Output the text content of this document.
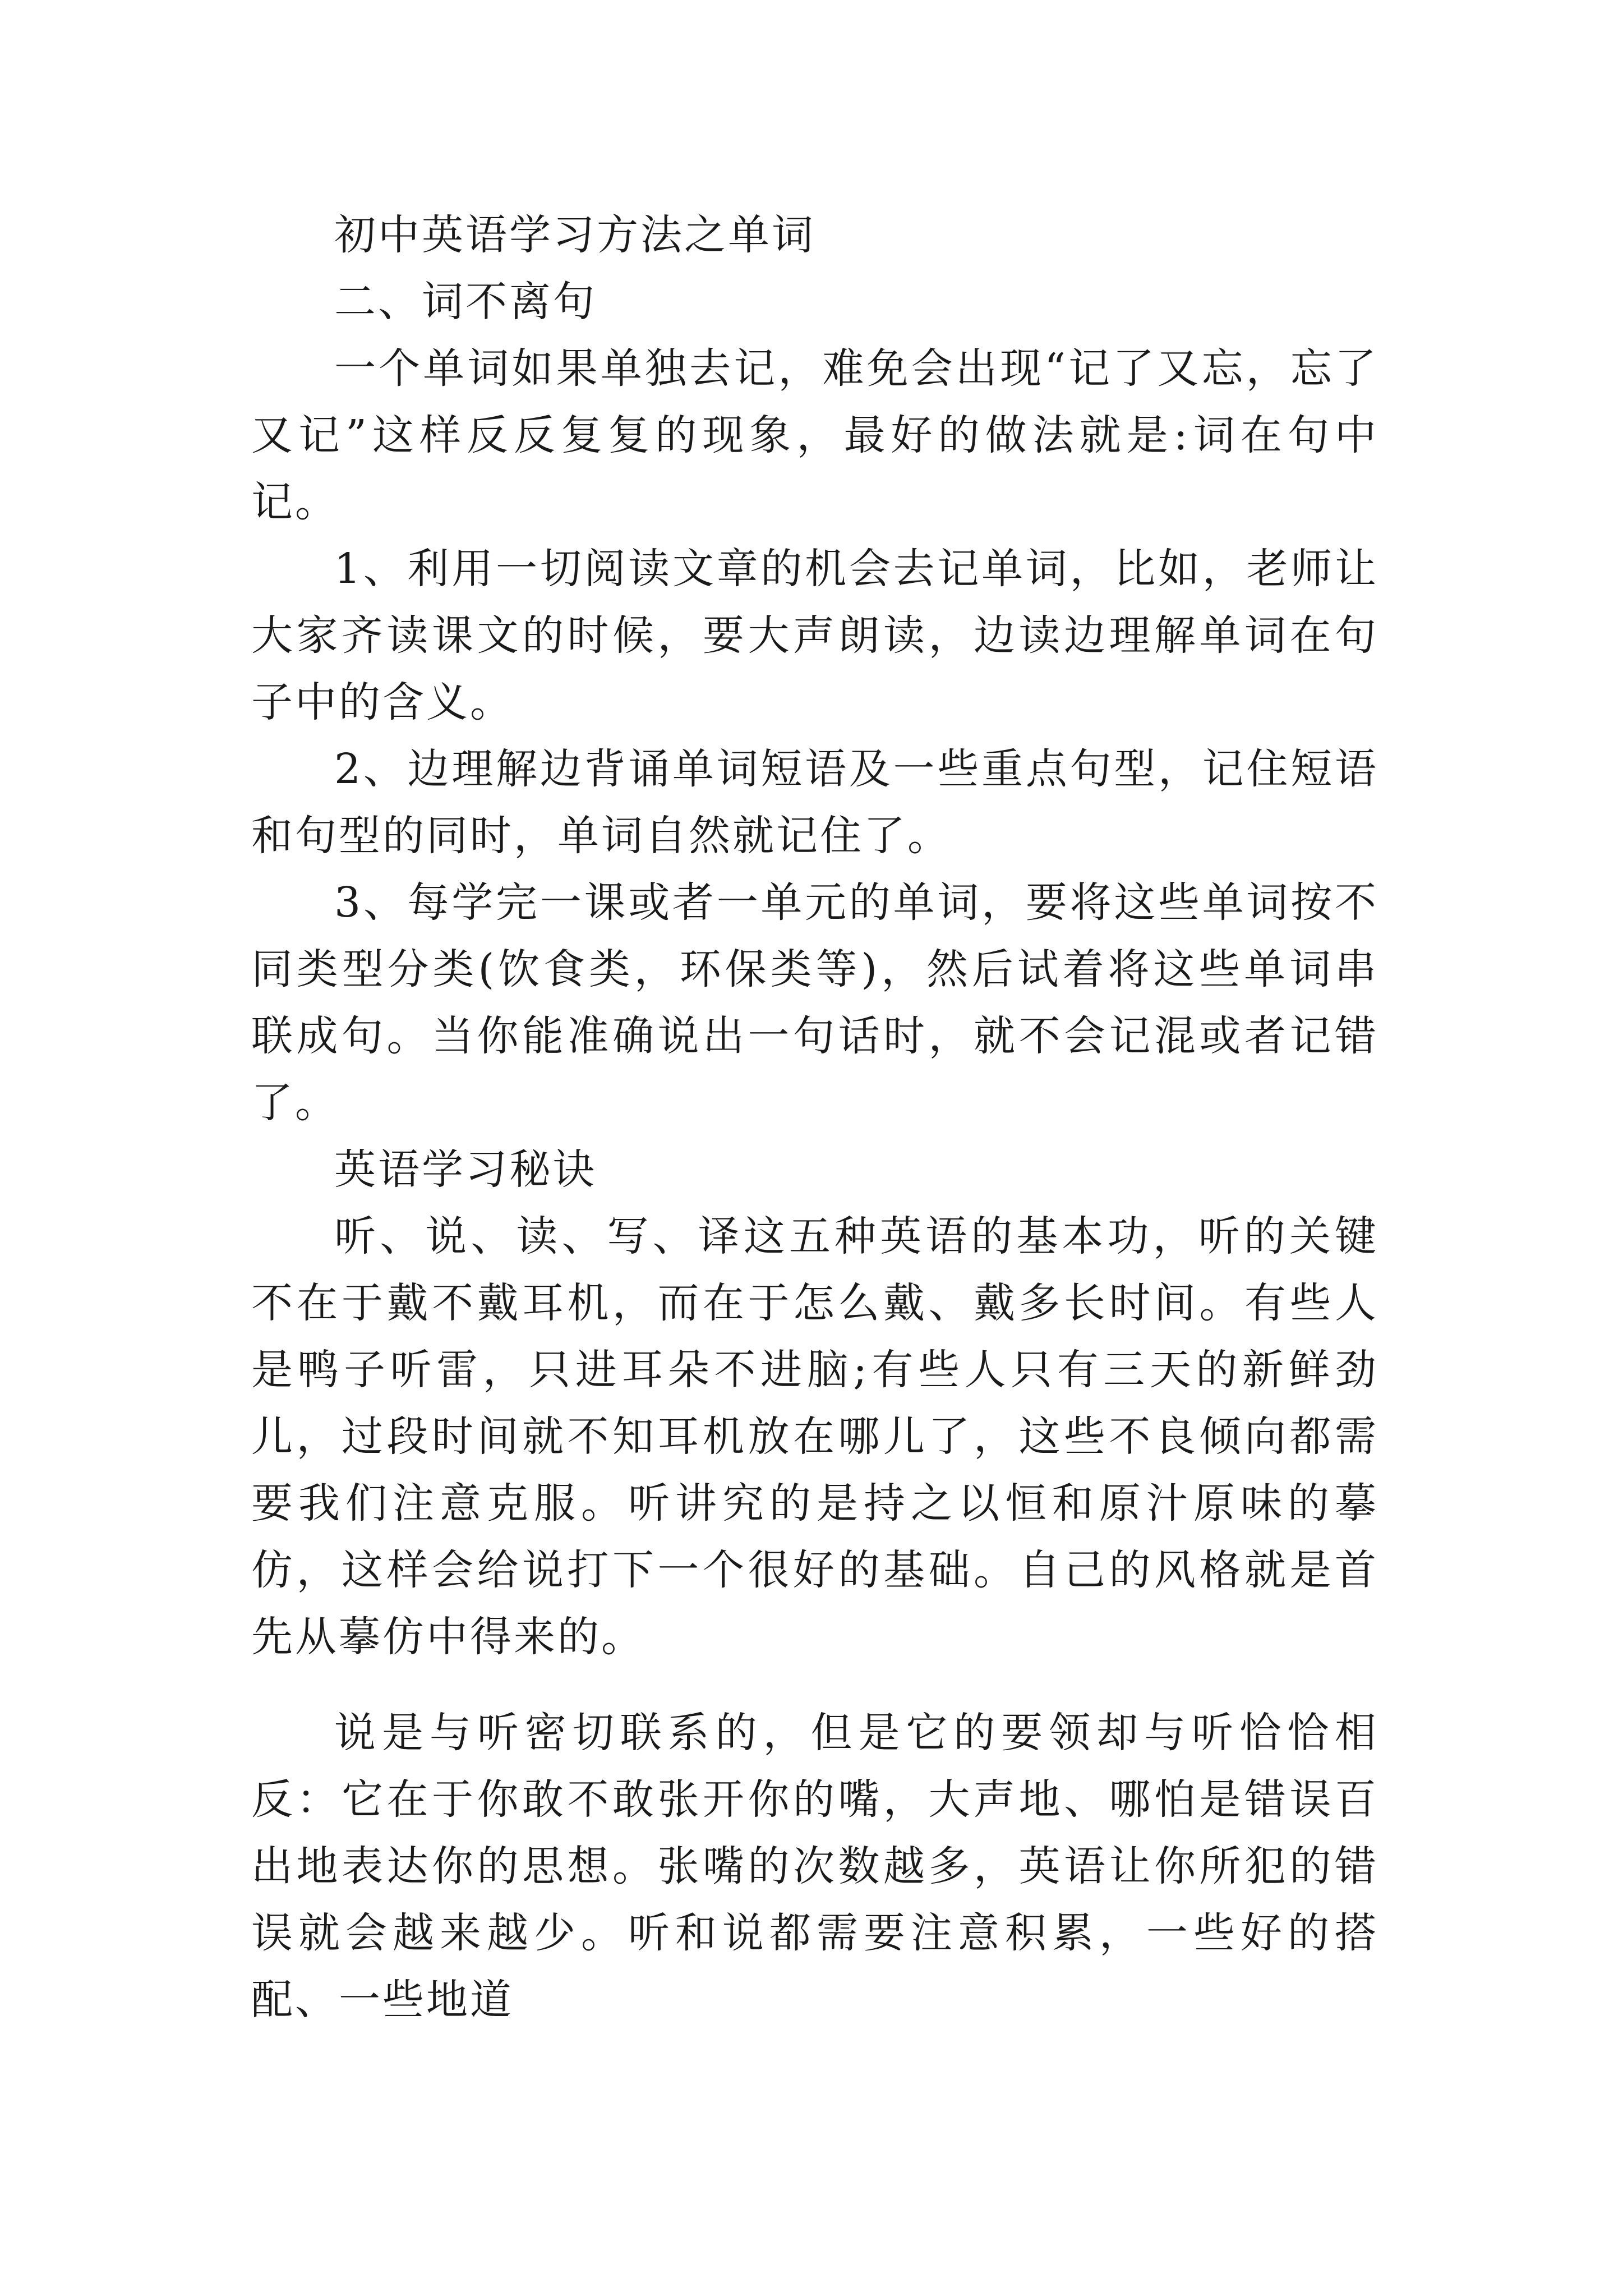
初中英语学习方法之单词

二、词不离句

一个单词如果单独去记，难免会出现“记了又忘，忘了又记”这样反反复复的现象，最好的做法就是:词在句中记。

1、利用一切阅读文章的机会去记单词，比如，老师让大家齐读课文的时候，要大声朗读，边读边理解单词在句子中的含义。

2、边理解边背诵单词短语及一些重点句型，记住短语和句型的同时，单词自然就记住了。

3、每学完一课或者一单元的单词，要将这些单词按不同类型分类(饮食类，环保类等)，然后试着将这些单词串联成句。当你能准确说出一句话时，就不会记混或者记错了。

英语学习秘诀

听、说、读、写、译这五种英语的基本功，听的关键不在于戴不戴耳机，而在于怎么戴、戴多长时间。有些人是鸭子听雷，只进耳朵不进脑;有些人只有三天的新鲜劲儿，过段时间就不知耳机放在哪儿了，这些不良倾向都需要我们注意克服。听讲究的是持之以恒和原汁原味的摹仿，这样会给说打下一个很好的基础。自己的风格就是首先从摹仿中得来的。

说是与听密切联系的，但是它的要领却与听恰恰相反：它在于你敢不敢张开你的嘴，大声地、哪怕是错误百出地表达你的思想。张嘴的次数越多，英语让你所犯的错误就会越来越少。听和说都需要注意积累，一些好的搭配、一些地道
